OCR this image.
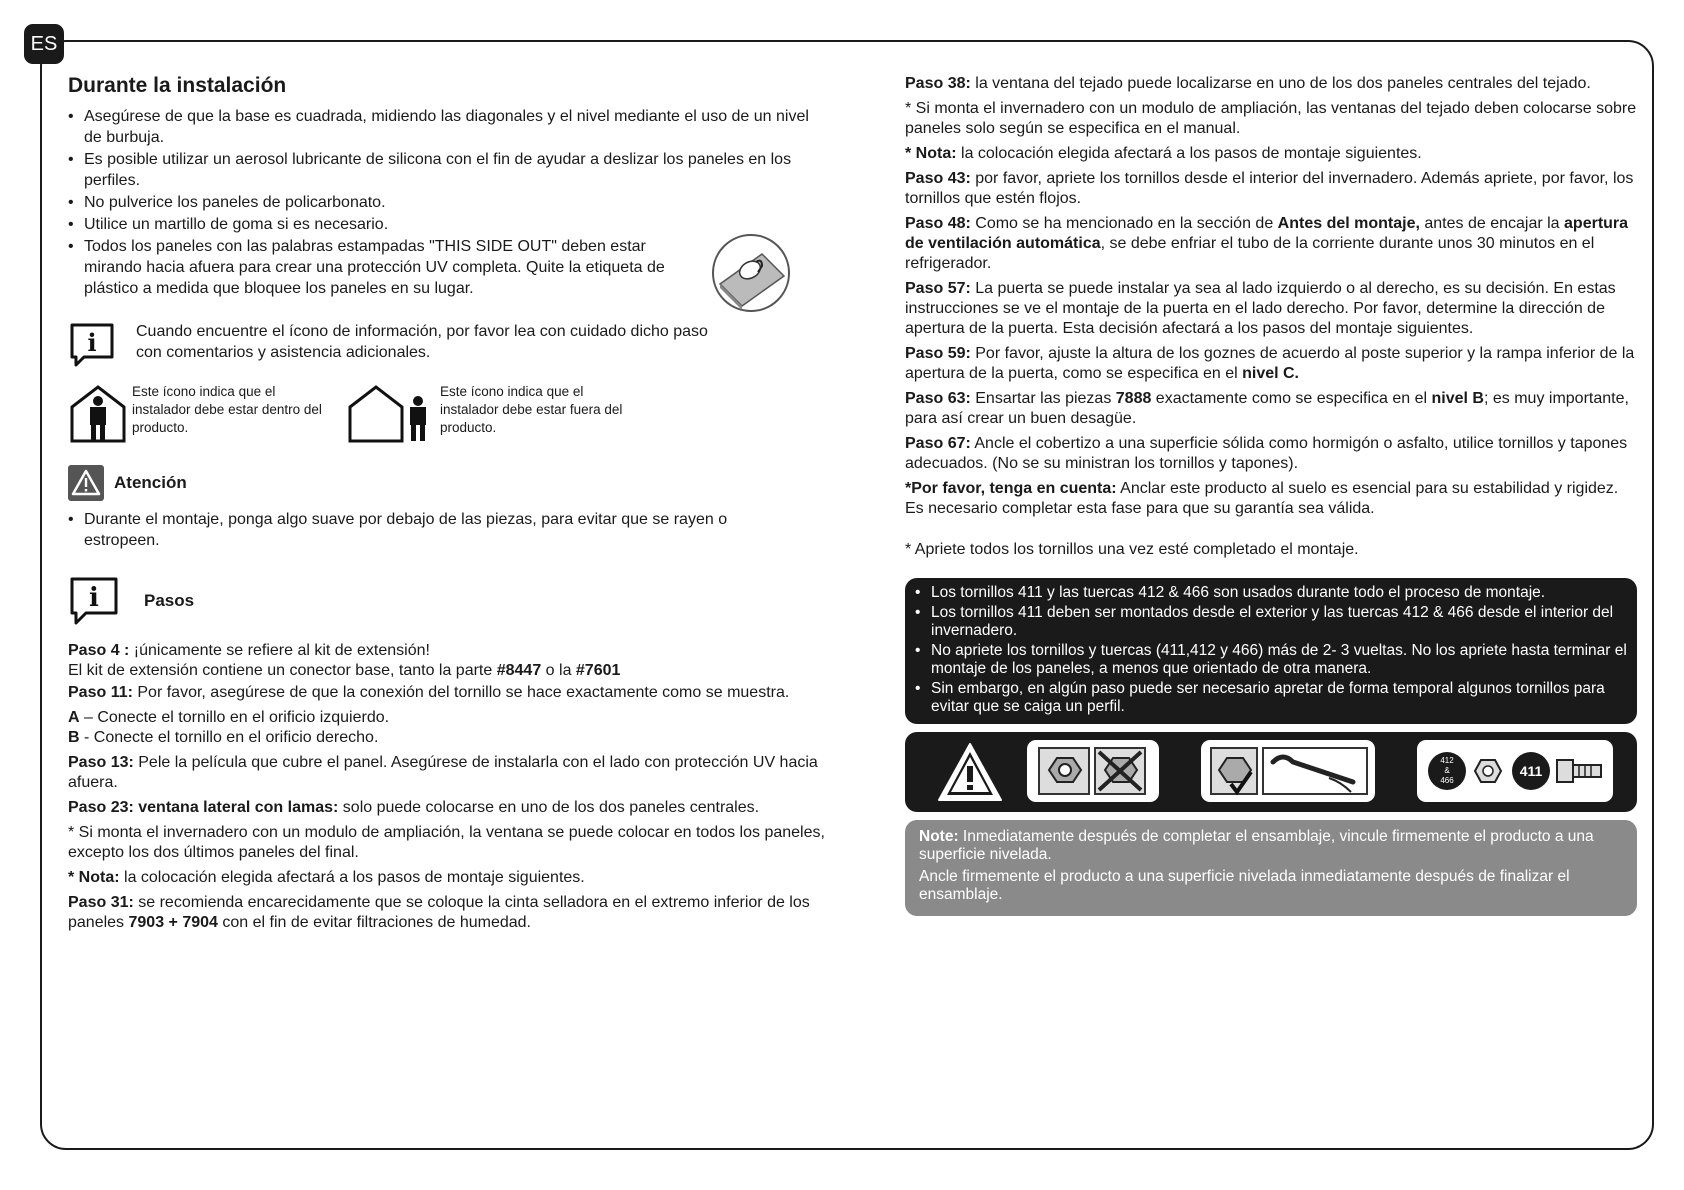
ES
Durante la instalación
• Asegúrese de que la base es cuadrada, midiendo las diagonales y el nivel mediante el uso de un nivel de burbuja.
• Es posible utilizar un aerosol lubricante de silicona con el fin de ayudar a deslizar los paneles en los perfiles.
• No pulverice los paneles de policarbonato.
• Utilice un martillo de goma si es necesario.
• Todos los paneles con las palabras estampadas "THIS SIDE OUT" deben estar mirando hacia afuera para crear una protección UV completa. Quite la etiqueta de plástico a medida que bloquee los paneles en su lugar.
i Cuando encuentre el ícono de información, por favor lea con cuidado dicho paso con comentarios y asistencia adicionales.
Este ícono indica que el instalador debe estar dentro del producto.
Este ícono indica que el instalador debe estar fuera del producto.
Atención
• Durante el montaje, ponga algo suave por debajo de las piezas, para evitar que se rayen o estropeen.
i	Pasos

Paso 4 : ¡únicamente se refiere al kit de extensión!
El kit de extensión contiene un conector base, tanto la parte #8447 o la #7601

Paso 11: Por favor, asegúrese de que la conexión del tornillo se hace exactamente como se muestra.

A – Conecte el tornillo en el orificio izquierdo.
B - Conecte el tornillo en el orificio derecho.

Paso 13: Pele la película que cubre el panel. Asegúrese de instalarla con el lado con protección UV hacia afuera.

Paso 23: ventana lateral con lamas: solo puede colocarse en uno de los dos paneles centrales.

* Si monta el invernadero con un modulo de ampliación, la ventana se puede colocar en todos los paneles, excepto los dos últimos paneles del final.

* Nota: la colocación elegida afectará a los pasos de montaje siguientes.

Paso 31: se recomienda encarecidamente que se coloque la cinta selladora en el extremo inferior de los paneles 7903 + 7904 con el fin de evitar filtraciones de humedad.

Paso 38: la ventana del tejado puede localizarse en uno de los dos paneles centrales del tejado.

* Si monta el invernadero con un modulo de ampliación, las ventanas del tejado deben colocarse sobre paneles solo según se especifica en el manual.

* Nota: la colocación elegida afectará a los pasos de montaje siguientes.

Paso 43: por favor, apriete los tornillos desde el interior del invernadero. Además apriete, por favor, los tornillos que estén flojos.

Paso 48: Como se ha mencionado en la sección de Antes del montaje, antes de encajar la apertura de ventilación automática, se debe enfriar el tubo de la corriente durante unos 30 minutos en el refrigerador.

Paso 57: La puerta se puede instalar ya sea al lado izquierdo o al derecho, es su decisión. En estas instrucciones se ve el montaje de la puerta en el lado derecho. Por favor, determine la dirección de apertura de la puerta. Esta decisión afectará a los pasos del montaje siguientes.

Paso 59: Por favor, ajuste la altura de los goznes de acuerdo al poste superior y la rampa inferior de la apertura de la puerta, como se especifica en el nivel C.

Paso 63: Ensartar las piezas 7888 exactamente como se especifica en el nivel B; es muy importante, para así crear un buen desagüe.

Paso 67: Ancle el cobertizo a una superficie sólida como hormigón o asfalto, utilice tornillos y tapones adecuados. (No se su ministran los tornillos y tapones).

*Por favor, tenga en cuenta: Anclar este producto al suelo es esencial para su estabilidad y rigidez. Es necesario completar esta fase para que su garantía sea válida.

* Apriete todos los tornillos una vez esté completado el montaje.

• Los tornillos 411 y las tuercas 412 & 466 son usados durante todo el proceso de montaje.
• Los tornillos 411 deben ser montados desde el exterior y las tuercas 412 & 466 desde el interior del invernadero.
• No apriete los tornillos y tuercas (411,412 y 466) más de 2- 3 vueltas. No los apriete hasta terminar el montaje de los paneles, a menos que orientado de otra manera.
• Sin embargo, en algún paso puede ser necesario apretar de forma temporal algunos tornillos para evitar que se caiga un perfil.
412
&
466
411

Note: Inmediatamente después de completar el ensamblaje, vincule firmemente el producto a una superficie nivelada.

Ancle firmemente el producto a una superficie nivelada inmediatamente después de finalizar el ensamblaje.
